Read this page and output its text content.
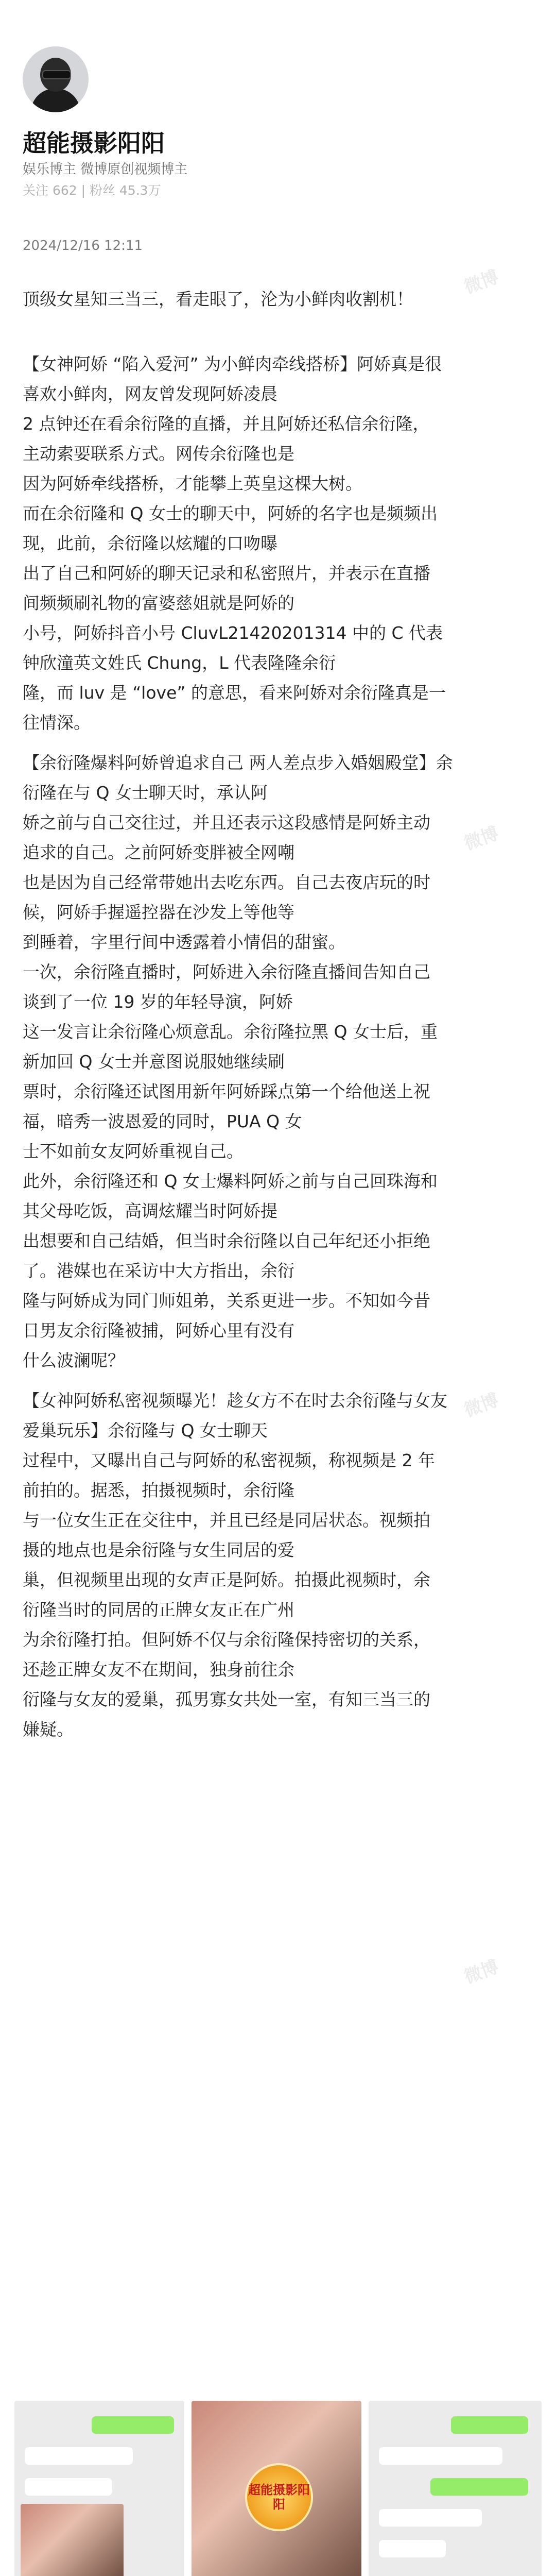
微博
微博
微博
微博
超能摄影阳阳
娱乐博主 微博原创视频博主
关注 662 | 粉丝 45.3万
2024/12/16 12:11
顶级女星知三当三，看走眼了，沦为小鲜肉收割机！
【女神阿娇 “陷入爱河” 为小鲜肉牵线搭桥】阿娇真是很
喜欢小鲜肉，网友曾发现阿娇凌晨
2 点钟还在看余衍隆的直播，并且阿娇还私信余衍隆，
主动索要联系方式。网传余衍隆也是
因为阿娇牵线搭桥，才能攀上英皇这棵大树。
而在余衍隆和 Q 女士的聊天中，阿娇的名字也是频频出
现，此前，余衍隆以炫耀的口吻曝
出了自己和阿娇的聊天记录和私密照片，并表示在直播
间频频刷礼物的富婆慈姐就是阿娇的
小号，阿娇抖音小号 CluvL21420201314 中的 C 代表
钟欣潼英文姓氏 Chung，L 代表隆隆余衍
隆，而 luv 是 “love” 的意思，看来阿娇对余衍隆真是一
往情深。
【余衍隆爆料阿娇曾追求自己 两人差点步入婚姻殿堂】余
衍隆在与 Q 女士聊天时，承认阿
娇之前与自己交往过，并且还表示这段感情是阿娇主动
追求的自己。之前阿娇变胖被全网嘲
也是因为自己经常带她出去吃东西。自己去夜店玩的时
候，阿娇手握遥控器在沙发上等他等
到睡着，字里行间中透露着小情侣的甜蜜。
一次，余衍隆直播时，阿娇进入余衍隆直播间告知自己
谈到了一位 19 岁的年轻导演，阿娇
这一发言让余衍隆心烦意乱。余衍隆拉黑 Q 女士后，重
新加回 Q 女士并意图说服她继续刷
票时，余衍隆还试图用新年阿娇踩点第一个给他送上祝
福，暗秀一波恩爱的同时，PUA Q 女
士不如前女友阿娇重视自己。
此外，余衍隆还和 Q 女士爆料阿娇之前与自己回珠海和
其父母吃饭，高调炫耀当时阿娇提
出想要和自己结婚，但当时余衍隆以自己年纪还小拒绝
了。港媒也在采访中大方指出，余衍
隆与阿娇成为同门师姐弟，关系更进一步。不知如今昔
日男友余衍隆被捕，阿娇心里有没有
什么波澜呢？
【女神阿娇私密视频曝光！趁女方不在时去余衍隆与女友
爱巢玩乐】余衍隆与 Q 女士聊天
过程中，又曝出自己与阿娇的私密视频，称视频是 2 年
前拍的。据悉，拍摄视频时，余衍隆
与一位女生正在交往中，并且已经是同居状态。视频拍
摄的地点也是余衍隆与女生同居的爱
巢，但视频里出现的女声正是阿娇。拍摄此视频时，余
衍隆当时的同居的正牌女友正在广州
为余衍隆打拍。但阿娇不仅与余衍隆保持密切的关系，
还趁正牌女友不在期间，独身前往余
衍隆与女友的爱巢，孤男寡女共处一室，有知三当三的
嫌疑。
超能摄影阳阳
